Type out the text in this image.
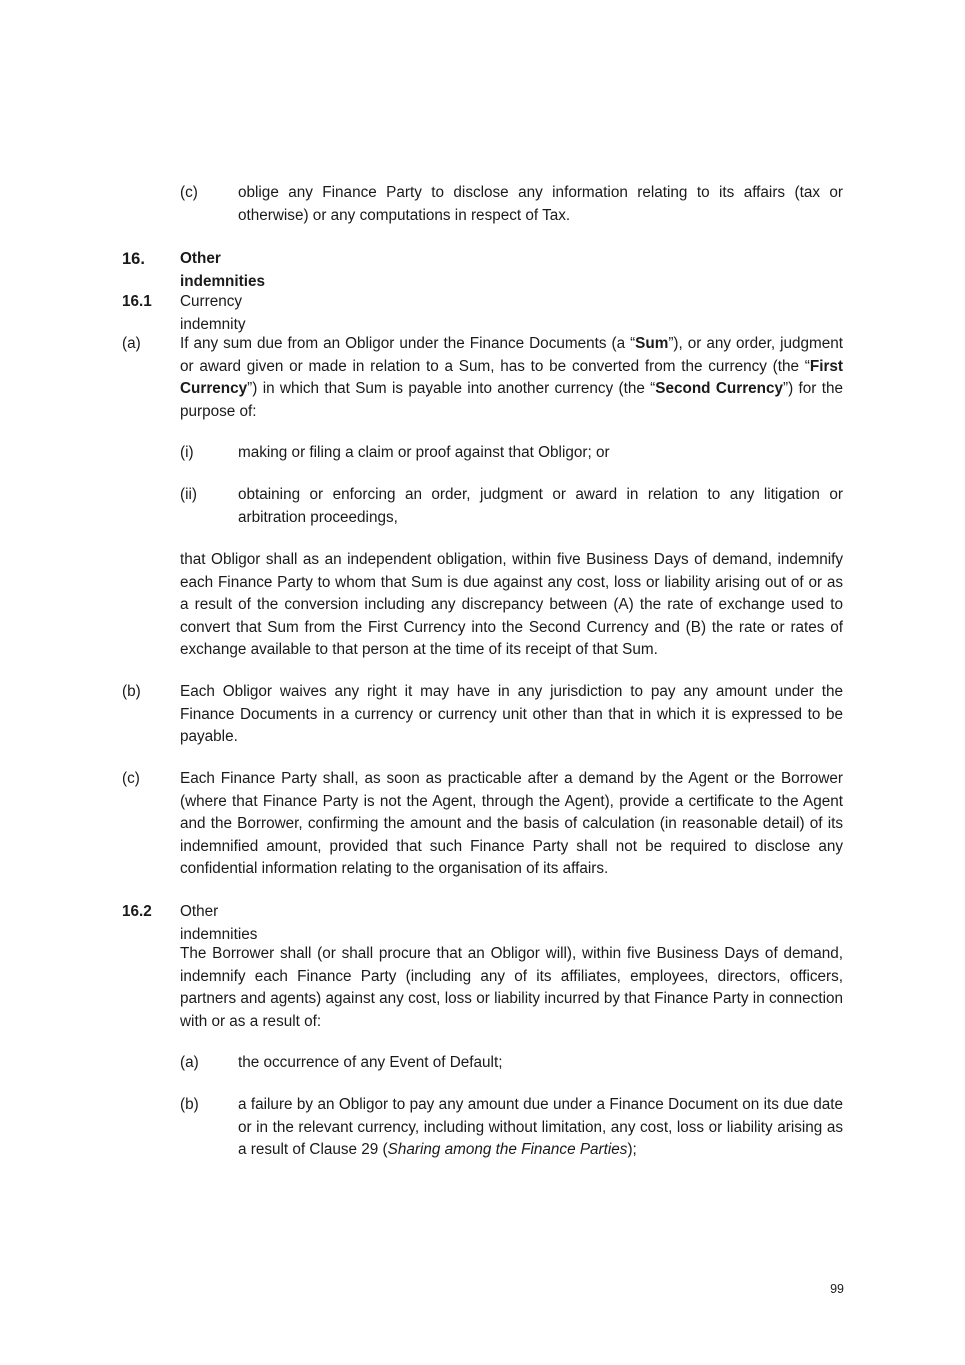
(c)	oblige any Finance Party to disclose any information relating to its affairs (tax or otherwise) or any computations in respect of Tax.

16. Other indemnities
16.1 Currency indemnity
(a)	If any sum due from an Obligor under the Finance Documents (a “Sum”), or any order, judgment or award given or made in relation to a Sum, has to be converted from the currency (the “First Currency”) in which that Sum is payable into another currency (the “Second Currency”) for the purpose of:

(i)	making or filing a claim or proof against that Obligor; or

(ii)	obtaining or enforcing an order, judgment or award in relation to any litigation or arbitration proceedings,

that Obligor shall as an independent obligation, within five Business Days of demand, indemnify each Finance Party to whom that Sum is due against any cost, loss or liability arising out of or as a result of the conversion including any discrepancy between (A) the rate of exchange used to convert that Sum from the First Currency into the Second Currency and (B) the rate or rates of exchange available to that person at the time of its receipt of that Sum.

(b)	Each Obligor waives any right it may have in any jurisdiction to pay any amount under the Finance Documents in a currency or currency unit other than that in which it is expressed to be payable.

(c)	Each Finance Party shall, as soon as practicable after a demand by the Agent or the Borrower (where that Finance Party is not the Agent, through the Agent), provide a certificate to the Agent and the Borrower, confirming the amount and the basis of calculation (in reasonable detail) of its indemnified amount, provided that such Finance Party shall not be required to disclose any confidential information relating to the organisation of its affairs.

16.2 Other indemnities

The Borrower shall (or shall procure that an Obligor will), within five Business Days of demand, indemnify each Finance Party (including any of its affiliates, employees, directors, officers, partners and agents) against any cost, loss or liability incurred by that Finance Party in connection with or as a result of:

(a)	the occurrence of any Event of Default;

(b)	a failure by an Obligor to pay any amount due under a Finance Document on its due date or in the relevant currency, including without limitation, any cost, loss or liability arising as a result of Clause 29 (Sharing among the Finance Parties);

99
